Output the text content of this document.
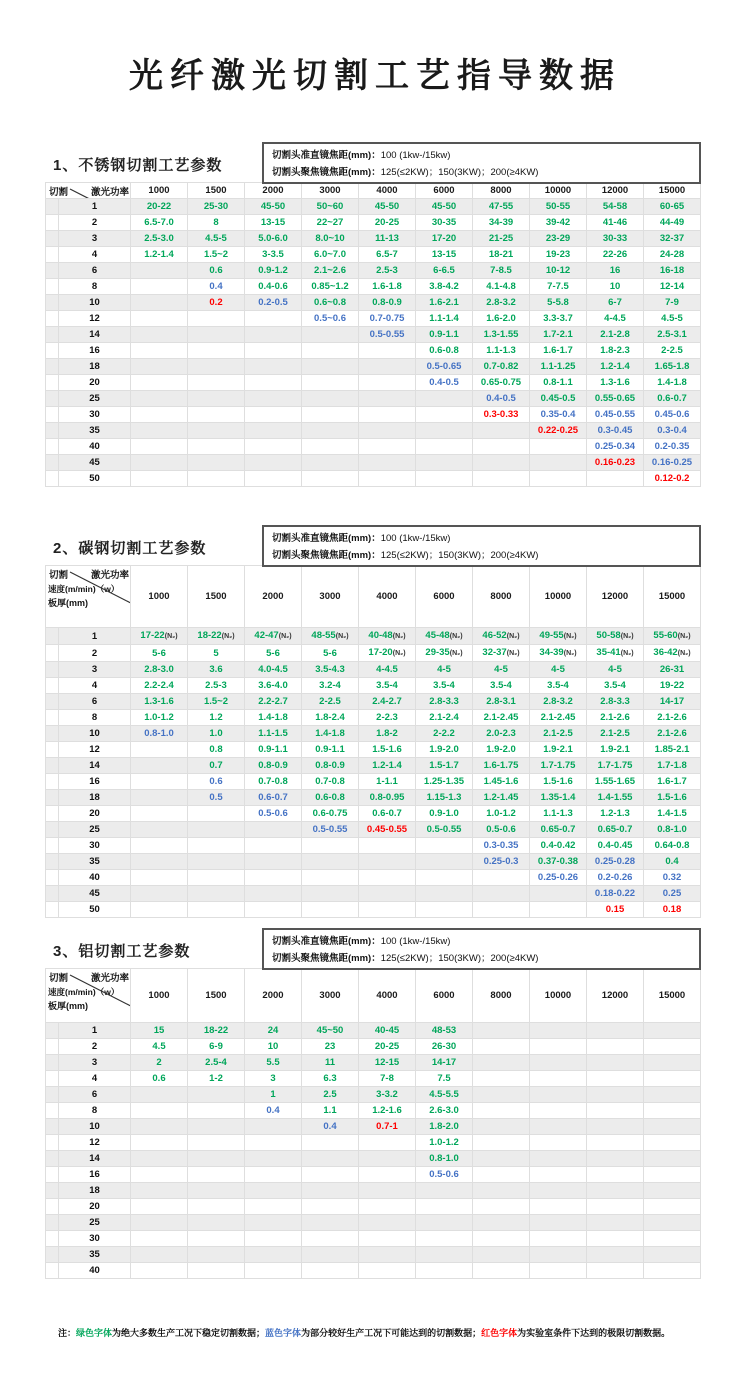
光纤激光切割工艺指导数据
1、不锈钢切割工艺参数
切割头准直镜焦距(mm)：100 (1kw-/15kw)
切割头聚焦镜焦距(mm)：125(≤2KW)；150(3KW)；200(≥4KW)
切割 激光功率		1000	1500	2000	3000	4000	6000	8000	10000	12000	15000
	1	20-22	25-30	45-50	50~60	45-50	45-50	47-55	50-55	54-58	60-65
	2	6.5-7.0	8	13-15	22~27	20-25	30-35	34-39	39-42	41-46	44-49
	3	2.5-3.0	4.5-5	5.0-6.0	8.0~10	11-13	17-20	21-25	23-29	30-33	32-37
	4	1.2-1.4	1.5~2	3-3.5	6.0~7.0	6.5-7	13-15	18-21	19-23	22-26	24-28
	6		0.6	0.9-1.2	2.1~2.6	2.5-3	6-6.5	7-8.5	10-12	16	16-18
	8		0.4	0.4-0.6	0.85~1.2	1.6-1.8	3.8-4.2	4.1-4.8	7-7.5	10	12-14
	10		0.2	0.2-0.5	0.6~0.8	0.8-0.9	1.6-2.1	2.8-3.2	5-5.8	6-7	7-9
	12				0.5~0.6	0.7-0.75	1.1-1.4	1.6-2.0	3.3-3.7	4-4.5	4.5-5
	14					0.5-0.55	0.9-1.1	1.3-1.55	1.7-2.1	2.1-2.8	2.5-3.1
	16						0.6-0.8	1.1-1.3	1.6-1.7	1.8-2.3	2-2.5
	18						0.5-0.65	0.7-0.82	1.1-1.25	1.2-1.4	1.65-1.8
	20						0.4-0.5	0.65-0.75	0.8-1.1	1.3-1.6	1.4-1.8
	25							0.4-0.5	0.45-0.5	0.55-0.65	0.6-0.7
	30							0.3-0.33	0.35-0.4	0.45-0.55	0.45-0.6
	35								0.22-0.25	0.3-0.45	0.3-0.4
	40									0.25-0.34	0.2-0.35
	45									0.16-0.23	0.16-0.25
	50										0.12-0.2
2、碳钢切割工艺参数
切割头准直镜焦距(mm)：100 (1kw-/15kw)
切割头聚焦镜焦距(mm)：125(≤2KW)；150(3KW)；200(≥4KW)
切割 激光功率
速度(m/min)（w）
板厚(mm)		1000	1500	2000	3000	4000	6000	8000	10000	12000	15000
	1	17-22(N₂)	18-22(N₂)	42-47(N₂)	48-55(N₂)	40-48(N₂)	45-48(N₂)	46-52(N₂)	49-55(N₂)	50-58(N₂)	55-60(N₂)
	2	5-6	5	5-6	5-6	17-20(N₂)	29-35(N₂)	32-37(N₂)	34-39(N₂)	35-41(N₂)	36-42(N₂)
	3	2.8-3.0	3.6	4.0-4.5	3.5-4.3	4-4.5	4-5	4-5	4-5	4-5	26-31
	4	2.2-2.4	2.5-3	3.6-4.0	3.2-4	3.5-4	3.5-4	3.5-4	3.5-4	3.5-4	19-22
	6	1.3-1.6	1.5~2	2.2-2.7	2-2.5	2.4-2.7	2.8-3.3	2.8-3.1	2.8-3.2	2.8-3.3	14-17
	8	1.0-1.2	1.2	1.4-1.8	1.8-2.4	2-2.3	2.1-2.4	2.1-2.45	2.1-2.45	2.1-2.6	2.1-2.6
	10	0.8-1.0	1.0	1.1-1.5	1.4-1.8	1.8-2	2-2.2	2.0-2.3	2.1-2.5	2.1-2.5	2.1-2.6
	12		0.8	0.9-1.1	0.9-1.1	1.5-1.6	1.9-2.0	1.9-2.0	1.9-2.1	1.9-2.1	1.85-2.1
	14		0.7	0.8-0.9	0.8-0.9	1.2-1.4	1.5-1.7	1.6-1.75	1.7-1.75	1.7-1.75	1.7-1.8
	16		0.6	0.7-0.8	0.7-0.8	1-1.1	1.25-1.35	1.45-1.6	1.5-1.6	1.55-1.65	1.6-1.7
	18		0.5	0.6-0.7	0.6-0.8	0.8-0.95	1.15-1.3	1.2-1.45	1.35-1.4	1.4-1.55	1.5-1.6
	20			0.5-0.6	0.6-0.75	0.6-0.7	0.9-1.0	1.0-1.2	1.1-1.3	1.2-1.3	1.4-1.5
	25				0.5-0.55	0.45-0.55	0.5-0.55	0.5-0.6	0.65-0.7	0.65-0.7	0.8-1.0
	30							0.3-0.35	0.4-0.42	0.4-0.45	0.64-0.8
	35							0.25-0.3	0.37-0.38	0.25-0.28	0.4
	40								0.25-0.26	0.2-0.26	0.32
	45									0.18-0.22	0.25
	50									0.15	0.18
3、铝切割工艺参数
切割头准直镜焦距(mm)：100 (1kw-/15kw)
切割头聚焦镜焦距(mm)：125(≤2KW)；150(3KW)；200(≥4KW)
切割 激光功率
速度(m/min)（w）
板厚(mm)		1000	1500	2000	3000	4000	6000	8000	10000	12000	15000
	1	15	18-22	24	45~50	40-45	48-53				
	2	4.5	6-9	10	23	20-25	26-30				
	3	2	2.5-4	5.5	11	12-15	14-17				
	4	0.6	1-2	3	6.3	7-8	7.5				
	6			1	2.5	3-3.2	4.5-5.5				
	8			0.4	1.1	1.2-1.6	2.6-3.0				
	10				0.4	0.7-1	1.8-2.0				
	12						1.0-1.2				
	14						0.8-1.0				
	16						0.5-0.6				
	18										
	20										
	25										
	30										
	35										
	40										
注：绿色字体为绝大多数生产工况下稳定切割数据；蓝色字体为部分较好生产工况下可能达到的切割数据；红色字体为实验室条件下达到的极限切割数据。
